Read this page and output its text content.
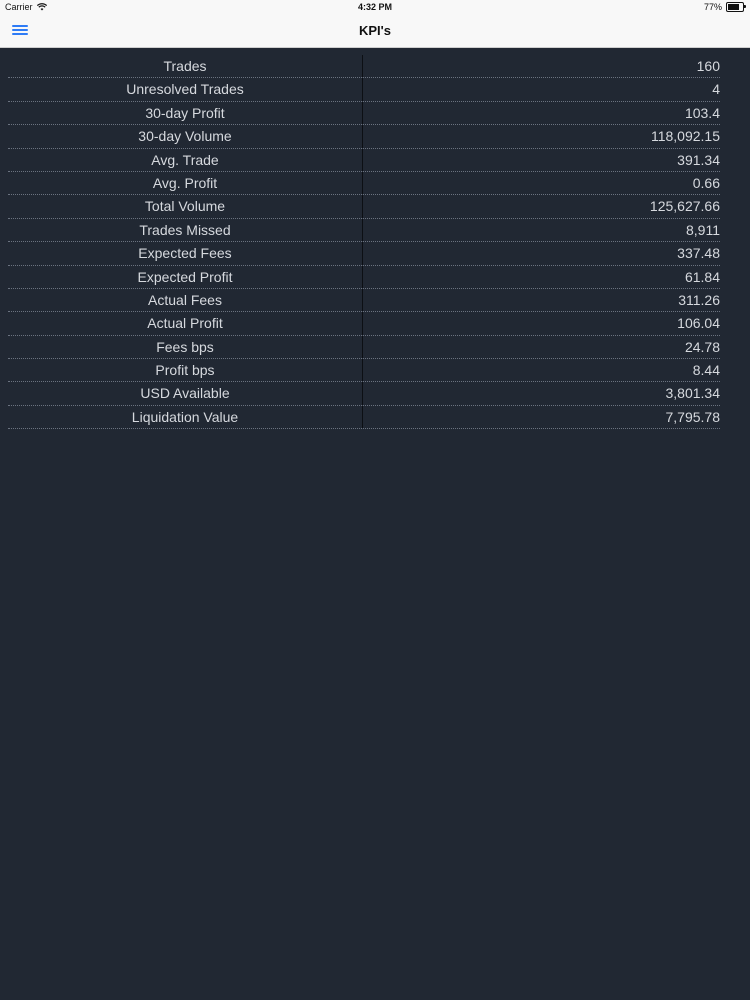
Carrier	4:32 PM	77%
KPI's
Trades	160
Unresolved Trades	4
30-day Profit	103.4
30-day Volume	118,092.15
Avg. Trade	391.34
Avg. Profit	0.66
Total Volume	125,627.66
Trades Missed	8,911
Expected Fees	337.48
Expected Profit	61.84
Actual Fees	311.26
Actual Profit	106.04
Fees bps	24.78
Profit bps	8.44
USD Available	3,801.34
Liquidation Value	7,795.78
